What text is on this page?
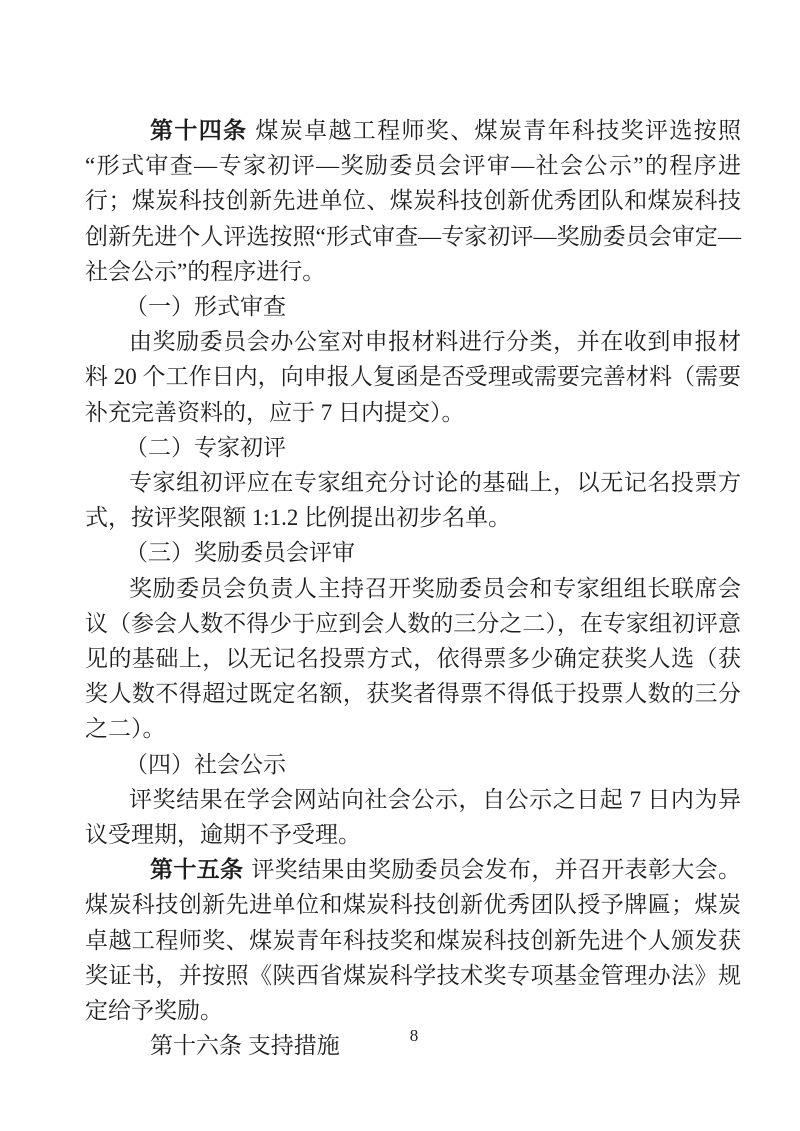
第十四条 煤炭卓越工程师奖、煤炭青年科技奖评选按照“形式审查—专家初评—奖励委员会评审—社会公示”的程序进行；煤炭科技创新先进单位、煤炭科技创新优秀团队和煤炭科技创新先进个人评选按照“形式审查—专家初评—奖励委员会审定—社会公示”的程序进行。

（一）形式审查

由奖励委员会办公室对申报材料进行分类，并在收到申报材料 20 个工作日内，向申报人复函是否受理或需要完善材料（需要补充完善资料的，应于 7 日内提交）。

（二）专家初评

专家组初评应在专家组充分讨论的基础上，以无记名投票方式，按评奖限额 1:1.2 比例提出初步名单。

（三）奖励委员会评审

奖励委员会负责人主持召开奖励委员会和专家组组长联席会议（参会人数不得少于应到会人数的三分之二），在专家组初评意见的基础上，以无记名投票方式，依得票多少确定获奖人选（获奖人数不得超过既定名额，获奖者得票不得低于投票人数的三分之二）。

（四）社会公示

评奖结果在学会网站向社会公示，自公示之日起 7 日内为异议受理期，逾期不予受理。

第十五条 评奖结果由奖励委员会发布，并召开表彰大会。煤炭科技创新先进单位和煤炭科技创新优秀团队授予牌匾；煤炭卓越工程师奖、煤炭青年科技奖和煤炭科技创新先进个人颁发获奖证书，并按照《陕西省煤炭科学技术奖专项基金管理办法》规定给予奖励。

第十六条 支持措施	8
